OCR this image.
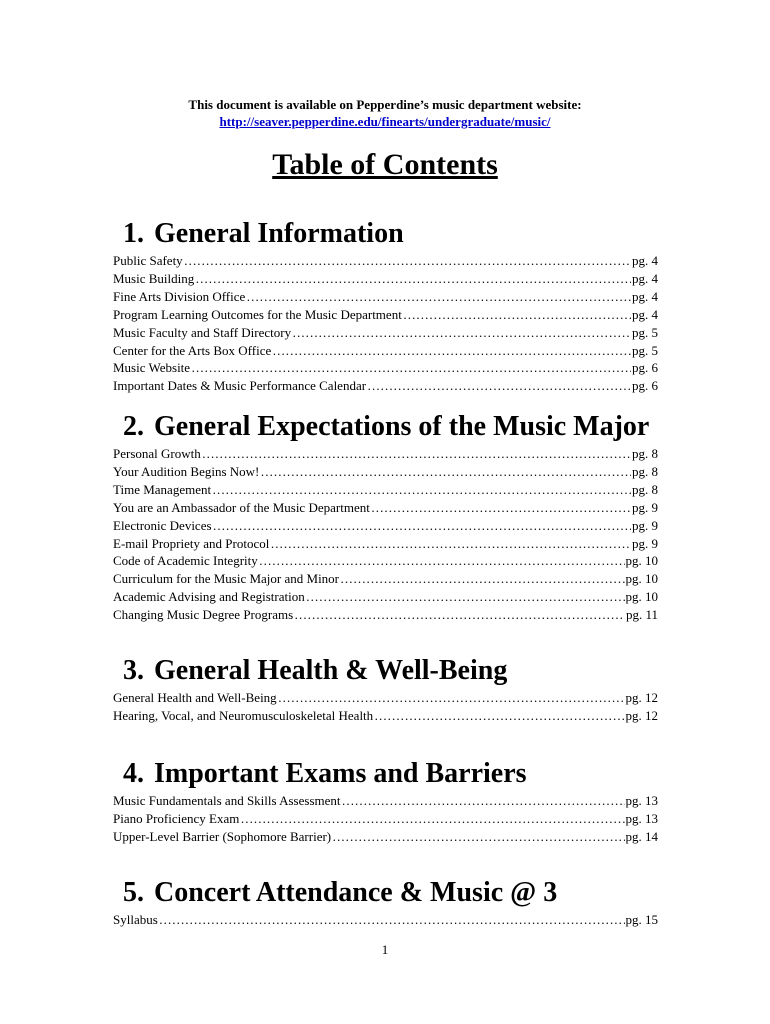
This document is available on Pepperdine’s music department website:
http://seaver.pepperdine.edu/finearts/undergraduate/music/
Table of Contents
1. General Information
Public Safety ………………………………………………………………………………………………………………………………………………………………………………………………	pg. 4
Music Building ………………………………………………………………………………………………………………………………………………………………………………………………	pg. 4
Fine Arts Division Office ………………………………………………………………………………………………………………………………………………………………………………………………	pg. 4
Program Learning Outcomes for the Music Department ………………………………………………………………………………………………………………………………………………………………………………………………	pg. 4
Music Faculty and Staff Directory ………………………………………………………………………………………………………………………………………………………………………………………………	pg. 5
Center for the Arts Box Office ………………………………………………………………………………………………………………………………………………………………………………………………	pg. 5
Music Website ………………………………………………………………………………………………………………………………………………………………………………………………	pg. 6
Important Dates & Music Performance Calendar ………………………………………………………………………………………………………………………………………………………………………………………………	pg. 6
2. General Expectations of the Music Major
Personal Growth ………………………………………………………………………………………………………………………………………………………………………………………………	pg. 8
Your Audition Begins Now! ………………………………………………………………………………………………………………………………………………………………………………………………	pg. 8
Time Management ………………………………………………………………………………………………………………………………………………………………………………………………	pg. 8
You are an Ambassador of the Music Department ………………………………………………………………………………………………………………………………………………………………………………………………	pg. 9
Electronic Devices ………………………………………………………………………………………………………………………………………………………………………………………………	pg. 9
E-mail Propriety and Protocol ………………………………………………………………………………………………………………………………………………………………………………………………	pg. 9
Code of Academic Integrity ………………………………………………………………………………………………………………………………………………………………………………………………	pg. 10
Curriculum for the Music Major and Minor ………………………………………………………………………………………………………………………………………………………………………………………………	pg. 10
Academic Advising and Registration ………………………………………………………………………………………………………………………………………………………………………………………………	pg. 10
Changing Music Degree Programs ………………………………………………………………………………………………………………………………………………………………………………………………	pg. 11
3. General Health & Well-Being
General Health and Well-Being ………………………………………………………………………………………………………………………………………………………………………………………………	pg. 12
Hearing, Vocal, and Neuromusculoskeletal Health ………………………………………………………………………………………………………………………………………………………………………………………………	pg. 12
4. Important Exams and Barriers
Music Fundamentals and Skills Assessment ………………………………………………………………………………………………………………………………………………………………………………………………	pg. 13
Piano Proficiency Exam ………………………………………………………………………………………………………………………………………………………………………………………………	pg. 13
Upper-Level Barrier (Sophomore Barrier) ………………………………………………………………………………………………………………………………………………………………………………………………	pg. 14
5. Concert Attendance & Music @ 3
Syllabus ………………………………………………………………………………………………………………………………………………………………………………………………	pg. 15
1
